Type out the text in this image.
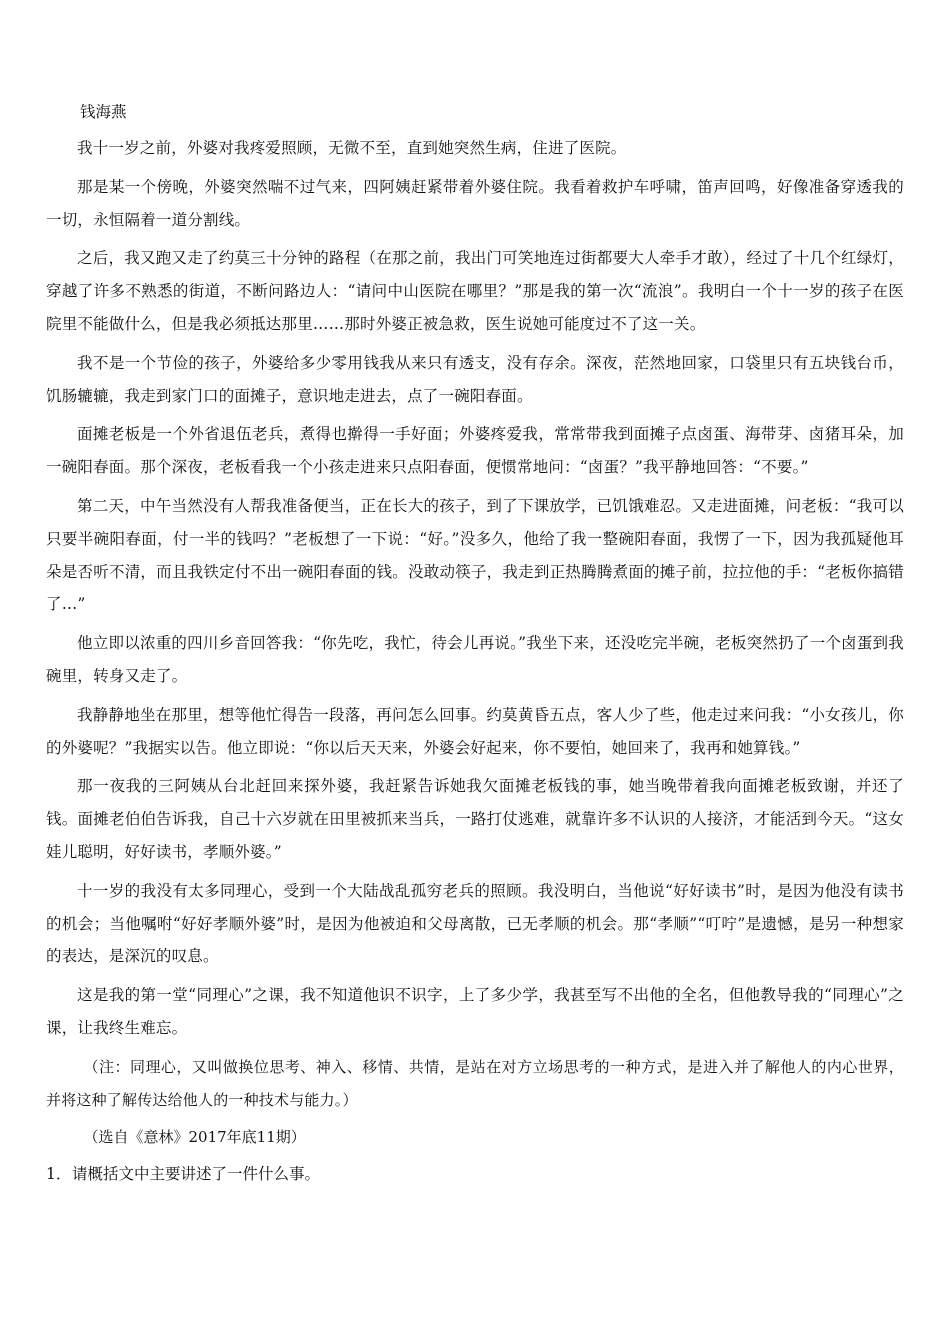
钱海燕

我十一岁之前，外婆对我疼爱照顾，无微不至，直到她突然生病，住进了医院。

那是某一个傍晚，外婆突然喘不过气来，四阿姨赶紧带着外婆住院。我看着救护车呼啸，笛声回鸣，好像准备穿透我的一切，永恒隔着一道分割线。

之后，我又跑又走了约莫三十分钟的路程（在那之前，我出门可笑地连过街都要大人牵手才敢），经过了十几个红绿灯，穿越了许多不熟悉的街道，不断问路边人：“请问中山医院在哪里？”那是我的第一次“流浪”。我明白一个十一岁的孩子在医院里不能做什么，但是我必须抵达那里……那时外婆正被急救，医生说她可能度过不了这一关。

我不是一个节俭的孩子，外婆给多少零用钱我从来只有透支，没有存余。深夜，茫然地回家，口袋里只有五块钱台币，饥肠辘辘，我走到家门口的面摊子，意识地走进去，点了一碗阳春面。

面摊老板是一个外省退伍老兵，煮得也擀得一手好面；外婆疼爱我，常常带我到面摊子点卤蛋、海带芽、卤猪耳朵，加一碗阳春面。那个深夜，老板看我一个小孩走进来只点阳春面，便惯常地问：“卤蛋？”我平静地回答：“不要。”

第二天，中午当然没有人帮我准备便当，正在长大的孩子，到了下课放学，已饥饿难忍。又走进面摊，问老板：“我可以只要半碗阳春面，付一半的钱吗？”老板想了一下说：“好。”没多久，他给了我一整碗阳春面，我愣了一下，因为我孤疑他耳朵是否听不清，而且我铁定付不出一碗阳春面的钱。没敢动筷子，我走到正热腾腾煮面的摊子前，拉拉他的手：“老板你搞错了…”

他立即以浓重的四川乡音回答我：“你先吃，我忙，待会儿再说。”我坐下来，还没吃完半碗，老板突然扔了一个卤蛋到我碗里，转身又走了。

我静静地坐在那里，想等他忙得告一段落，再问怎么回事。约莫黄昏五点，客人少了些，他走过来问我：“小女孩儿，你的外婆呢？”我据实以告。他立即说：“你以后天天来，外婆会好起来，你不要怕，她回来了，我再和她算钱。”

那一夜我的三阿姨从台北赶回来探外婆，我赶紧告诉她我欠面摊老板钱的事，她当晚带着我向面摊老板致谢，并还了钱。面摊老伯伯告诉我，自己十六岁就在田里被抓来当兵，一路打仗逃难，就靠许多不认识的人接济，才能活到今天。“这女娃儿聪明，好好读书，孝顺外婆。”

十一岁的我没有太多同理心，受到一个大陆战乱孤穷老兵的照顾。我没明白，当他说“好好读书”时，是因为他没有读书的机会；当他嘱咐“好好孝顺外婆”时，是因为他被迫和父母离散，已无孝顺的机会。那“孝顺”“叮咛”是遗憾，是另一种想家的表达，是深沉的叹息。

这是我的第一堂“同理心”之课，我不知道他识不识字，上了多少学，我甚至写不出他的全名，但他教导我的“同理心”之课，让我终生难忘。

（注：同理心，又叫做换位思考、神入、移情、共情，是站在对方立场思考的一种方式，是进入并了解他人的内心世界，并将这种了解传达给他人的一种技术与能力。）

（选自《意林》2017年底11期）

1．请概括文中主要讲述了一件什么事。
